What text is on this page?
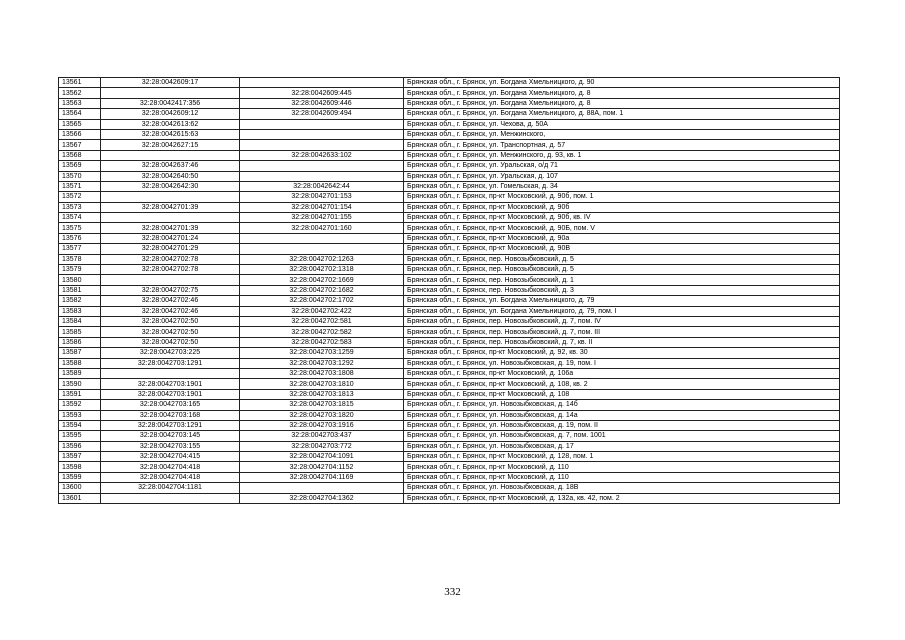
13561	32:28:0042609:17		Брянская обл., г. Брянск, ул. Богдана Хмельницкого, д. 90
13562		32:28:0042609:445	Брянская обл., г. Брянск, ул. Богдана Хмельницкого, д. 8
13563	32:28:0042417:356	32:28:0042609:446	Брянская обл., г. Брянск, ул. Богдана Хмельницкого, д. 8
13564	32:28:0042609:12	32:28:0042609:494	Брянская обл., г. Брянск, ул. Богдана Хмельницкого, д. 88А, пом. 1
13565	32:28:0042613:62		Брянская обл., г. Брянск, ул. Чехова, д. 50А
13566	32:28:0042615:63		Брянская обл., г. Брянск, ул. Менжинского,
13567	32:28:0042627:15		Брянская обл., г. Брянск, ул. Транспортная, д. 57
13568		32:28:0042633:102	Брянская обл., г. Брянск, ул. Менжинского, д. 93, кв. 1
13569	32:28:0042637:46		Брянская обл., г. Брянск, ул. Уральская, о/д 71
13570	32:28:0042640:50		Брянская обл., г. Брянск, ул. Уральская, д. 107
13571	32:28:0042642:30	32:28:0042642:44	Брянская обл., г. Брянск, ул. Гомельская, д. 34
13572		32:28:0042701:153	Брянская обл., г. Брянск, пр-кт Московский, д. 90б, пом. 1
13573	32:28:0042701:39	32:28:0042701:154	Брянская обл., г. Брянск, пр-кт Московский, д. 90б
13574		32:28:0042701:155	Брянская обл., г. Брянск, пр-кт Московский, д. 90б, кв. IV
13575	32:28:0042701:39	32:28:0042701:160	Брянская обл., г. Брянск, пр-кт Московский, д. 90Б, пом. V
13576	32:28:0042701:24		Брянская обл., г. Брянск, пр-кт Московский, д. 90а
13577	32:28:0042701:29		Брянская обл., г. Брянск, пр-кт Московский, д. 90В
13578	32:28:0042702:78	32:28:0042702:1263	Брянская обл., г. Брянск, пер. Новозыбковский, д. 5
13579	32:28:0042702:78	32:28:0042702:1318	Брянская обл., г. Брянск, пер. Новозыбковский, д. 5
13580		32:28:0042702:1669	Брянская обл., г. Брянск, пер. Новозыбковский, д. 1
13581	32:28:0042702:75	32:28:0042702:1682	Брянская обл., г. Брянск, пер. Новозыбковский, д. 3
13582	32:28:0042702:46	32:28:0042702:1702	Брянская обл., г. Брянск, ул. Богдана Хмельницкого, д. 79
13583	32:28:0042702:46	32:28:0042702:422	Брянская обл., г. Брянск, ул. Богдана Хмельницкого, д. 79, пом. I
13584	32:28:0042702:50	32:28:0042702:581	Брянская обл., г. Брянск, пер. Новозыбковский, д. 7, пом. IV
13585	32:28:0042702:50	32:28:0042702:582	Брянская обл., г. Брянск, пер. Новозыбковский, д. 7, пом. III
13586	32:28:0042702:50	32:28:0042702:583	Брянская обл., г. Брянск, пер. Новозыбковский, д. 7, кв. II
13587	32:28:0042703:225	32:28:0042703:1259	Брянская обл., г. Брянск, пр-кт Московский, д. 92, кв. 30
13588	32:28:0042703:1291	32:28:0042703:1292	Брянская обл., г. Брянск, ул. Новозыбковская, д. 19, пом. I
13589		32:28:0042703:1808	Брянская обл., г. Брянск, пр-кт Московский, д. 106а
13590	32:28:0042703:1901	32:28:0042703:1810	Брянская обл., г. Брянск, пр-кт Московский, д. 108, кв. 2
13591	32:28:0042703:1901	32:28:0042703:1813	Брянская обл., г. Брянск, пр-кт Московский, д. 108
13592	32:28:0042703:165	32:28:0042703:1815	Брянская обл., г. Брянск, ул. Новозыбковская, д. 14б
13593	32:28:0042703:168	32:28:0042703:1820	Брянская обл., г. Брянск, ул. Новозыбковская, д. 14а
13594	32:28:0042703:1291	32:28:0042703:1916	Брянская обл., г. Брянск, ул. Новозыбковская, д. 19, пом. II
13595	32:28:0042703:145	32:28:0042703:437	Брянская обл., г. Брянск, ул. Новозыбковская, д. 7, пом. 1001
13596	32:28:0042703:155	32:28:0042703:772	Брянская обл., г. Брянск, ул. Новозыбковская, д. 17
13597	32:28:0042704:415	32:28:0042704:1091	Брянская обл., г. Брянск, пр-кт Московский, д. 128, пом. 1
13598	32:28:0042704:418	32:28:0042704:1152	Брянская обл., г. Брянск, пр-кт Московский, д. 110
13599	32:28:0042704:418	32:28:0042704:1169	Брянская обл., г. Брянск, пр-кт Московский, д. 110
13600	32:28:0042704:1181		Брянская обл., г. Брянск, ул. Новозыбковская, д. 18В
13601		32:28:0042704:1362	Брянская обл., г. Брянск, пр-кт Московский, д. 132а, кв. 42, пом. 2
332
